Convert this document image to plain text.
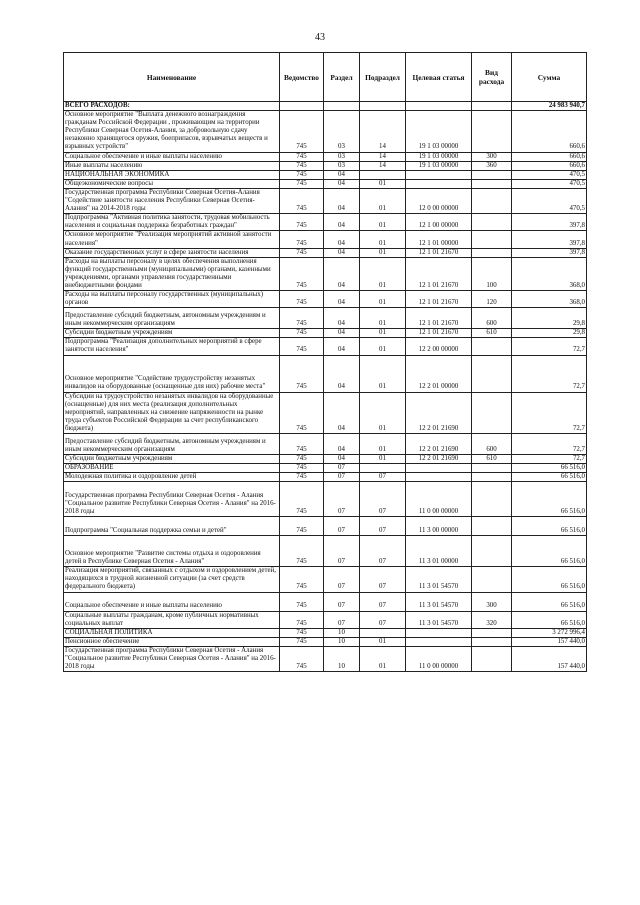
43
Наименование	Ведомство	Раздел	Подраздел	Целевая статья	Вид расхода	Сумма
ВСЕГО РАСХОДОВ:						24 983 940,7
Основное мероприятие "Выплата денежного вознаграждения гражданам Российской Федерации , проживающим на территории Республики Северная Осетия-Алания, за добровольную сдачу незаконно хранящегося оружия, боеприпасов, взрывчатых веществ и взрывных устройств"	745	03	14	19 1 03 00000		660,6
Социальное обеспечение и иные выплаты населению	745	03	14	19 1 03 00000	300	660,6
Иные выплаты населению	745	03	14	19 1 03 00000	360	660,6
НАЦИОНАЛЬНАЯ ЭКОНОМИКА	745	04				470,5
Общеэкономические вопросы	745	04	01			470,5
Государственная программа Республики Северная Осетия-Алания "Содействие занятости населения Республики Северная Осетия-Алания" на 2014-2018 годы	745	04	01	12 0 00 00000		470,5
Подпрограмма "Активная политика занятости, трудовая мобильность населения и социальная поддержка безработных граждан"	745	04	01	12 1 00 00000		397,8
Основное мероприятие "Реализация мероприятий активной занятости населения"	745	04	01	12 1 01 00000		397,8
Оказание государственных услуг в сфере занятости населения	745	04	01	12 1 01 21670		397,8
Расходы на выплаты персоналу в целях обеспечения выполнения функций государственными (муниципальными) органами, казенными учреждениями, органами управления государственными внебюджетными фондами	745	04	01	12 1 01 21670	100	368,0
Расходы на выплаты персоналу государственных (муниципальных) органов	745	04	01	12 1 01 21670	120	368,0
Предоставление субсидий бюджетным, автономным учреждениям и иным некоммерческим организациям	745	04	01	12 1 01 21670	600	29,8
Субсидии бюджетным учреждениям	745	04	01	12 1 01 21670	610	29,8
Подпрограмма "Реализация дополнительных мероприятий в сфере занятости населения"	745	04	01	12 2 00 00000		72,7
Основное мероприятие "Содействие трудоустройству незанятых инвалидов на оборудованные (оснащенные для них) рабочие места"	745	04	01	12 2 01 00000		72,7
Субсидии на трудоустройство незанятых инвалидов на оборудованные (оснащенные) для них места (реализация дополнительных мероприятий, направленных на снижение напряженности на рынке труда субъектов Российской Федерации за счет республиканского бюджета)	745	04	01	12 2 01 21690		72,7
Предоставление субсидий бюджетным, автономным учреждениям и иным некоммерческим организациям	745	04	01	12 2 01 21690	600	72,7
Субсидии бюджетным учреждениям	745	04	01	12 2 01 21690	610	72,7
ОБРАЗОВАНИЕ	745	07				66 516,0
Молодежная политика и оздоровление детей	745	07	07			66 516,0
Государственная программа Республики Северная Осетия - Алания "Социальное развитие Республики Северная Осетия - Алания" на 2016-2018 годы	745	07	07	11 0 00 00000		66 516,0
Подпрограмма "Социальная поддержка семьи и детей"	745	07	07	11 3 00 00000		66 516,0
Основное мероприятие "Развитие системы отдыха и оздоровления детей в Республике Северная Осетия - Алания"	745	07	07	11 3 01 00000		66 516,0
Реализация мероприятий, связанных с отдыхом и оздоровлением детей, находящихся в трудной жизненной ситуации (за счет средств федерального бюджета)	745	07	07	11 3 01 54570		66 516,0
Социальное обеспечение и иные выплаты населению	745	07	07	11 3 01 54570	300	66 516,0
Социальные выплаты гражданам, кроме публичных нормативных социальных выплат	745	07	07	11 3 01 54570	320	66 516,0
СОЦИАЛЬНАЯ ПОЛИТИКА	745	10				3 272 996,4
Пенсионное обеспечение	745	10	01			157 440,0
Государственная программа Республики Северная Осетия - Алания "Социальное развитие Республики Северная Осетия - Алания" на 2016-2018 годы	745	10	01	11 0 00 00000		157 440,0
